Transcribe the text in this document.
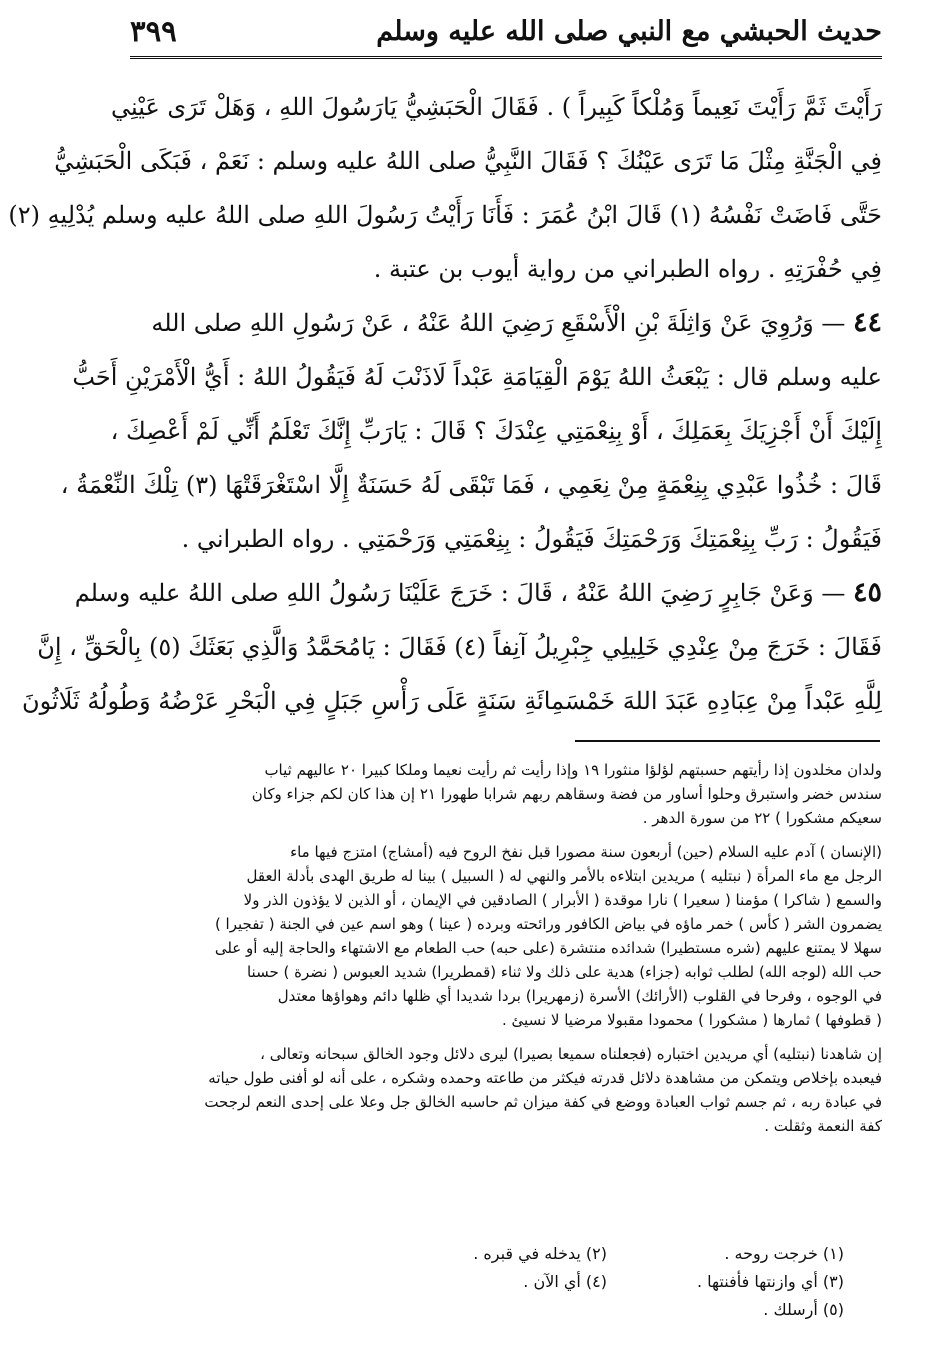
حديث الحبشي مع النبي صلى الله عليه وسلم
٣٩٩
رَأَيْتَ ثَمَّ رَأَيْتَ نَعِيماً وَمُلْكاً كَبِيراً ) . فَقَالَ الْحَبَشِيُّ يَارَسُولَ اللهِ ، وَهَلْ تَرَى عَيْنِي
فِي الْجَنَّةِ مِثْلَ مَا تَرَى عَيْنُكَ ؟ فَقَالَ النَّبِيُّ صلى اللهُ عليه وسلم : نَعَمْ ، فَبَكَى الْحَبَشِيُّ
حَتَّى فَاضَتْ نَفْسُهُ (١) قَالَ ابْنُ عُمَرَ : فَأَنَا رَأَيْتُ رَسُولَ اللهِ صلى اللهُ عليه وسلم يُدْلِيهِ (٢)
فِي حُفْرَتِهِ . رواه الطبراني من رواية أيوب بن عتبة .
٤٤ — وَرُوِيَ عَنْ وَاثِلَةَ بْنِ الْأَسْقَعِ رَضِيَ اللهُ عَنْهُ ، عَنْ رَسُولِ اللهِ صلى الله
عليه وسلم قال : يَبْعَثُ اللهُ يَوْمَ الْقِيَامَةِ عَبْداً لَاذَنْبَ لَهُ فَيَقُولُ اللهُ : أَيُّ الْأَمْرَيْنِ أَحَبُّ
إِلَيْكَ أَنْ أَجْزِيَكَ بِعَمَلِكَ ، أَوْ بِنِعْمَتِي عِنْدَكَ ؟ قَالَ : يَارَبِّ إِنَّكَ تَعْلَمُ أَنِّي لَمْ أَعْصِكَ ،
قَالَ : خُذُوا عَبْدِي بِنِعْمَةٍ مِنْ نِعَمِي ، فَمَا تَبْقَى لَهُ حَسَنَةٌ إِلَّا اسْتَغْرَقَتْهَا (٣) تِلْكَ النِّعْمَةُ ،
فَيَقُولُ : رَبِّ بِنِعْمَتِكَ وَرَحْمَتِكَ فَيَقُولُ : بِنِعْمَتِي وَرَحْمَتِي . رواه الطبراني .
٤٥ — وَعَنْ جَابِرٍ رَضِيَ اللهُ عَنْهُ ، قَالَ : خَرَجَ عَلَيْنَا رَسُولُ اللهِ صلى اللهُ عليه وسلم
فَقَالَ : خَرَجَ مِنْ عِنْدِي خَلِيلِي جِبْرِيلُ آنِفاً (٤) فَقَالَ : يَامُحَمَّدُ وَالَّذِي بَعَثَكَ (٥) بِالْحَقِّ ، إِنَّ
لِلَّهِ عَبْداً مِنْ عِبَادِهِ عَبَدَ اللهَ خَمْسَمِائَةِ سَنَةٍ عَلَى رَأْسِ جَبَلٍ فِي الْبَحْرِ عَرْضُهُ وَطُولُهُ ثَلَاثُونَ
ولدان مخلدون إذا رأيتهم حسبتهم لؤلؤا منثورا ١٩ وإذا رأيت ثم رأيت نعيما وملكا كبيرا ٢٠ عاليهم ثياب
سندس خضر واستبرق وحلوا أساور من فضة وسقاهم ربهم شرابا طهورا ٢١ إن هذا كان لكم جزاء وكان
سعيكم مشكورا ) ٢٢ من سورة الدهر .
(الإنسان ) آدم عليه السلام (حين) أربعون سنة مصورا قبل نفخ الروح فيه (أمشاج) امتزج فيها ماء
الرجل مع ماء المرأة ( نبتليه ) مريدين ابتلاءه بالأمر والنهي له ( السبيل ) بينا له طريق الهدى بأدلة العقل
والسمع ( شاكرا ) مؤمنا ( سعيرا ) نارا موقدة ( الأبرار ) الصادقين في الإيمان ، أو الذين لا يؤذون الذر ولا
يضمرون الشر ( كأس ) خمر ماؤه في بياض الكافور ورائحته وبرده ( عينا ) وهو اسم عين في الجنة ( تفجيرا )
سهلا لا يمتنع عليهم (شره مستطيرا) شدائده منتشرة (على حبه) حب الطعام مع الاشتهاء والحاجة إليه أو على
حب الله (لوجه الله) لطلب ثوابه (جزاء) هدية على ذلك ولا ثناء (قمطريرا) شديد العبوس ( نضرة ) حسنا
في الوجوه ، وفرحا في القلوب (الأرائك) الأسرة (زمهريرا) بردا شديدا أي ظلها دائم وهواؤها معتدل
( قطوفها ) ثمارها ( مشكورا ) محمودا مقبولا مرضيا لا نسيئ .
إن شاهدنا (نبتليه) أي مريدين اختباره (فجعلناه سميعا بصيرا) ليرى دلائل وجود الخالق سبحانه وتعالى ،
فيعبده بإخلاص ويتمكن من مشاهدة دلائل قدرته فيكثر من طاعته وحمده وشكره ، على أنه لو أفنى طول حياته
في عبادة ربه ، ثم جسم ثواب العبادة ووضع في كفة ميزان ثم حاسبه الخالق جل وعلا على إحدى النعم لرجحت
كفة النعمة وثقلت .
(١) خرجت روحه .
(٢) يدخله في قبره .
(٣) أي وازنتها فأفنتها .
(٤) أي الآن .
(٥) أرسلك .
